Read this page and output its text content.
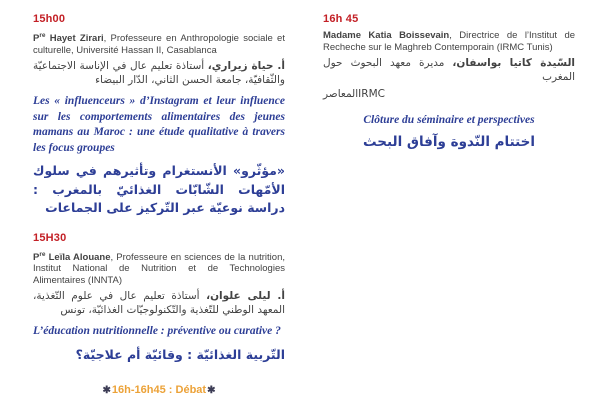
15h00

$P^{re}$ Hayet Zirari, Professeure en Anthropologie sociale et culturelle, Université Hassan II, Casablanca

أ. حياة زيراري، أستاذة تعليم عال في الإناسة الاجتماعيّة والثّقافيّة، جامعة الحسن الثاني، الدّار البيضاء

Les « influenceurs » d’Instagram et leur influence sur les comportements alimentaires des jeunes mamans au Maroc : une étude qualitative à travers les focus groupes

«مؤثّرو» الأنستغرام وتأثيرهم في سلوك الأمّهات الشّابّات الغذائيّ بالمغرب : دراسة نوعيّة عبر التّركيز على الجماعات

15H30

$P^{re}$ Leïla Alouane, Professeure en sciences de la nutrition, Institut National de Nutrition et de Technologies Alimentaires (INNTA)

أ. ليلى علوان، أستاذة تعليم عال في علوم التّغذية، المعهد الوطني للتّغذية والتّكنولوجيّات الغذائيّة، تونس

L’éducation nutritionnelle : préventive ou curative ?

التّربية الغذائيّة : وقائيّة أم علاجيّة؟

✱16h-16h45 : Débat✱
16h 45

Madame Katia Boissevain, Directrice de l’Institut de Recheche sur le Maghreb Contemporain (IRMC Tunis)

السّيدة كاتيا بواسفان، مديرة معهد البحوث حول المغرب

المعاصرIRMC

Clôture du séminaire et perspectives

اختتام النّدوة وآفاق البحث
